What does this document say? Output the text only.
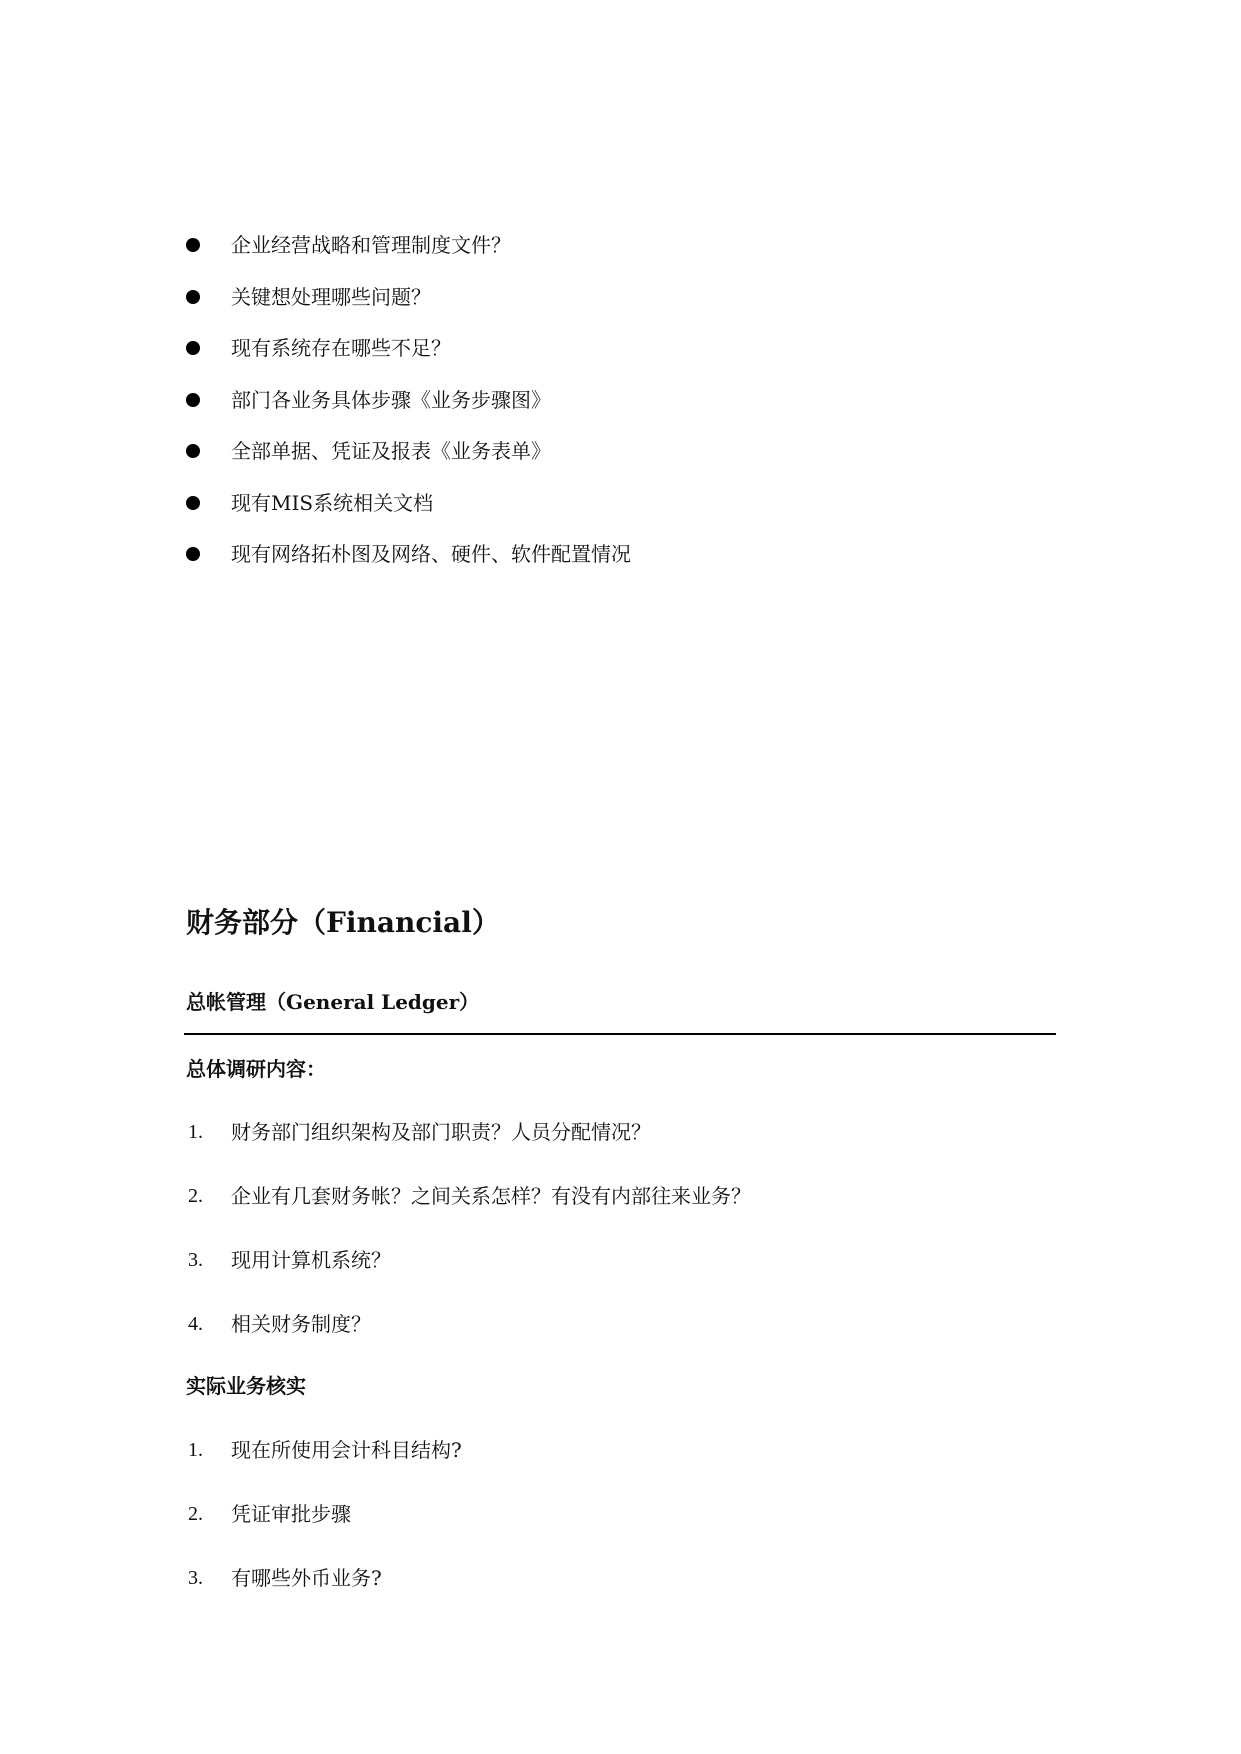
企业经营战略和管理制度文件？
关键想处理哪些问题？
现有系统存在哪些不足？
部门各业务具体步骤《业务步骤图》
全部单据、凭证及报表《业务表单》
现有MIS系统相关文档
现有网络拓朴图及网络、硬件、软件配置情况
财务部分（Financial）
总帐管理（General Ledger）

总体调研内容：

1. 财务部门组织架构及部门职责？人员分配情况？
2. 企业有几套财务帐？之间关系怎样？有没有内部往来业务？
3. 现用计算机系统？
4. 相关财务制度？

实际业务核实

1. 现在所使用会计科目结构?
2. 凭证审批步骤
3. 有哪些外币业务?
